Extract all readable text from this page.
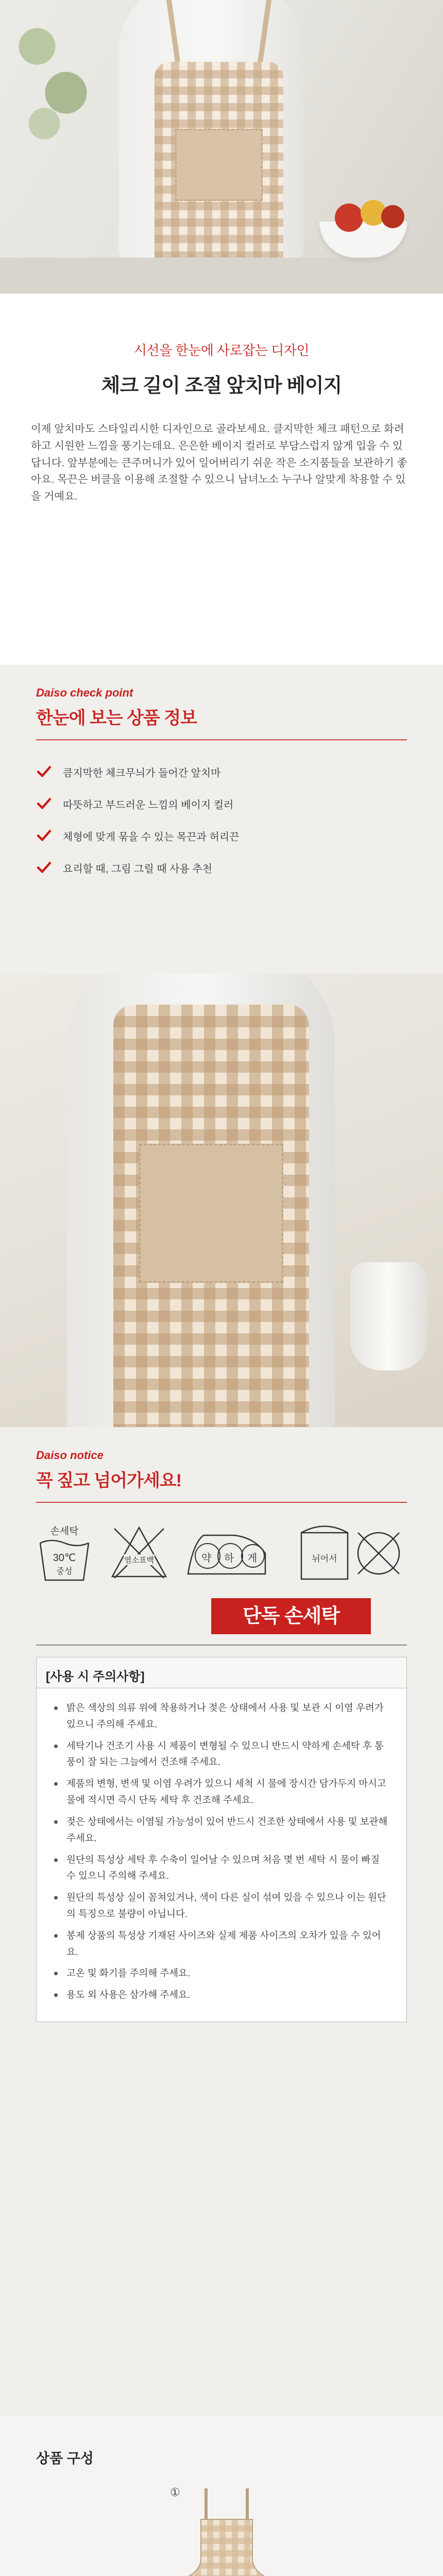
시선을 한눈에 사로잡는 디자인
체크 길이 조절 앞치마 베이지

이제 앞치마도 스타일리시한 디자인으로 골라보세요. 클지막한 체크 패턴으로 화려하고 시원한 느낌을 풍기는데요. 은은한 베이지 컬러로 부담스럽지 않게 입을 수 있답니다. 앞부분에는 큰주머니가 있어 일어버리기 쉬운 작은 소지품들을 보관하기 좋아요. 목끈은 버클을 이용해 조절할 수 있으니 남녀노소 누구나 알맞게 착용할 수 있을 거예요.

Daiso check point
한눈에 보는 상품 정보
큼지막한 체크무늬가 들어간 앞치마
따뜻하고 부드러운 느낌의 베이지 컬러
체형에 맞게 묶을 수 있는 목끈과 허리끈
요리할 때, 그림 그릴 때 사용 추천
Daiso notice
꼭 짚고 넘어가세요!
손세탁
30℃
중성
염소표백	약 하 게	뉘어서
단독 손세탁
[사용 시 주의사항]
밝은 색상의 의류 위에 착용하거나 젖은 상태에서 사용 및 보관 시 이염 우려가 있으니 주의해 주세요.
세탁기나 건조기 사용 시 제품이 변형될 수 있으니 반드시 약하게 손세탁 후 통풍이 잘 되는 그늘에서 건조해 주세요.
제품의 변형, 변색 및 이염 우려가 있으니 세척 시 물에 장시간 담가두지 마시고 물에 적시면 즉시 단독 세탁 후 건조해 주세요.
젖은 상태에서는 이염될 가능성이 있어 반드시 건조한 상태에서 사용 및 보관해 주세요.
원단의 특성상 세탁 후 수축이 일어날 수 있으며 처음 몇 번 세탁 시 물이 빠질 수 있으니 주의해 주세요.
원단의 특성상 실이 꼼쳐있거나, 색이 다른 실이 섞여 있을 수 있으나 이는 원단의 특징으로 불량이 아닙니다.
봉제 상품의 특성상 기재된 사이즈와 실제 제품 사이즈의 오차가 있을 수 있어요.
고온 및 화기를 주의해 주세요.
용도 외 사용은 삼가해 주세요.
상품 구성
①
